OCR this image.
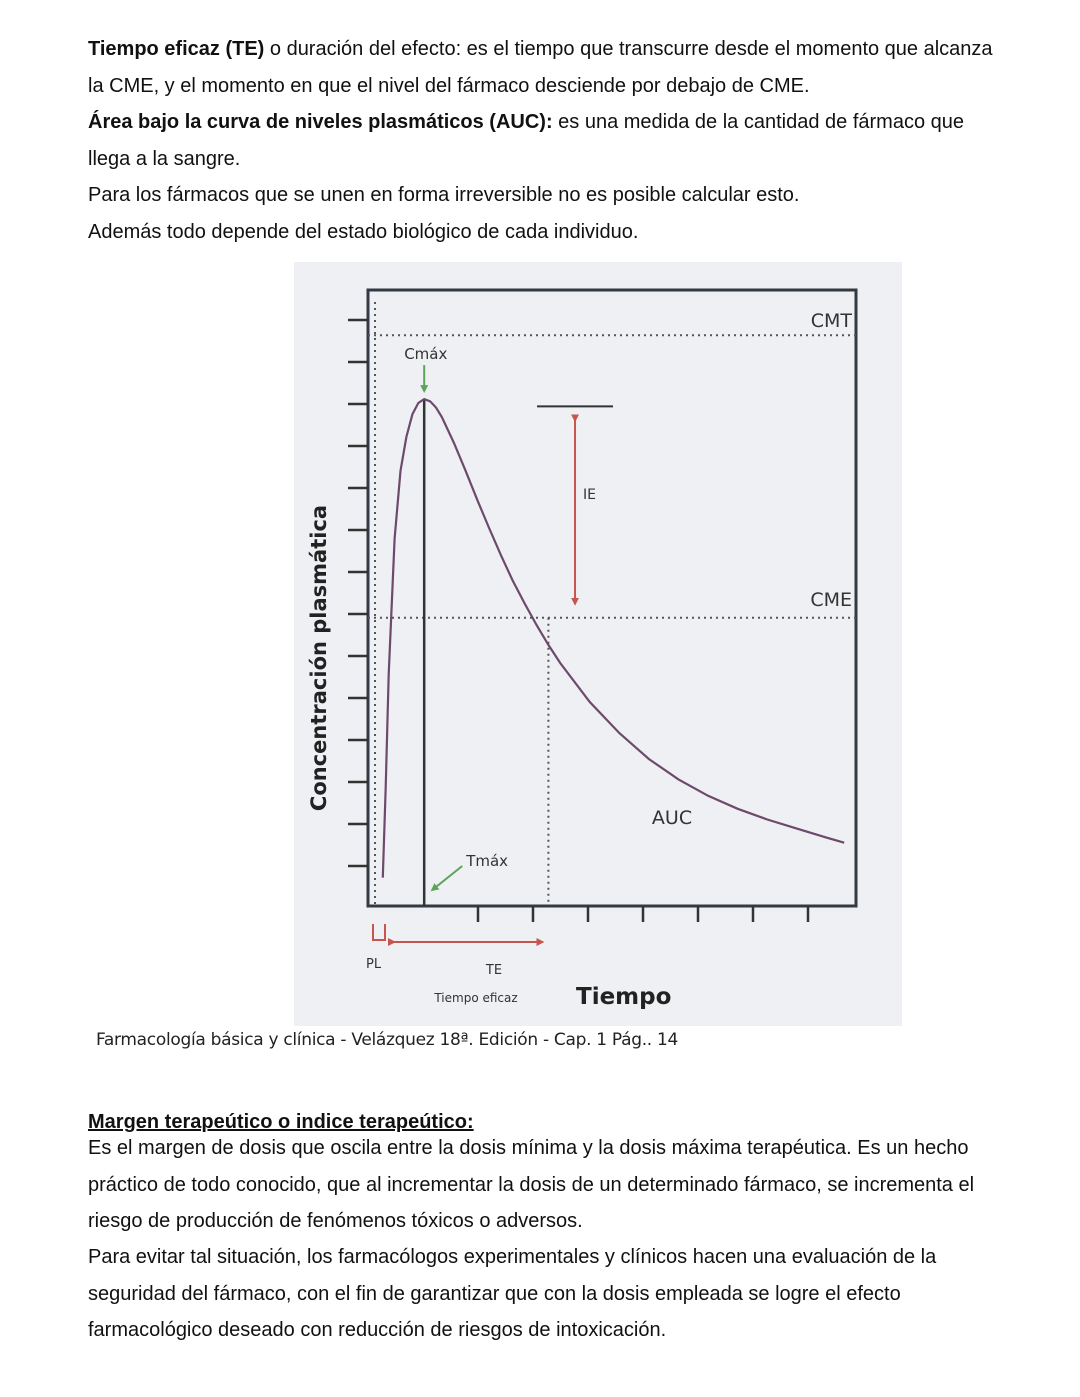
Tiempo eficaz (TE) o duración del efecto: es el tiempo que transcurre desde el momento que alcanza la CME, y el momento en que el nivel del fármaco desciende por debajo de CME.

Área bajo la curva de niveles plasmáticos (AUC): es una medida de la cantidad de fármaco que llega a la sangre.

Para los fármacos que se unen en forma irreversible no es posible calcular esto.

Además todo depende del estado biológico de cada individuo.

CMT
CME
IE
Cmáx
Tmáx
AUC
PL	TE
Tiempo eficaz	Tiempo
Concentración plasmática
Farmacología básica y clínica - Velázquez 18ª. Edición - Cap. 1 Pág.. 14
Margen terapeútico o indice terapeútico:

Es el margen de dosis que oscila entre la dosis mínima y la dosis máxima terapéutica. Es un hecho práctico de todo conocido, que al incrementar la dosis de un determinado fármaco, se incrementa el riesgo de producción de fenómenos tóxicos o adversos.

Para evitar tal situación, los farmacólogos experimentales y clínicos hacen una evaluación de la seguridad del fármaco, con el fin de garantizar que con la dosis empleada se logre el efecto farmacológico deseado con reducción de riesgos de intoxicación.
